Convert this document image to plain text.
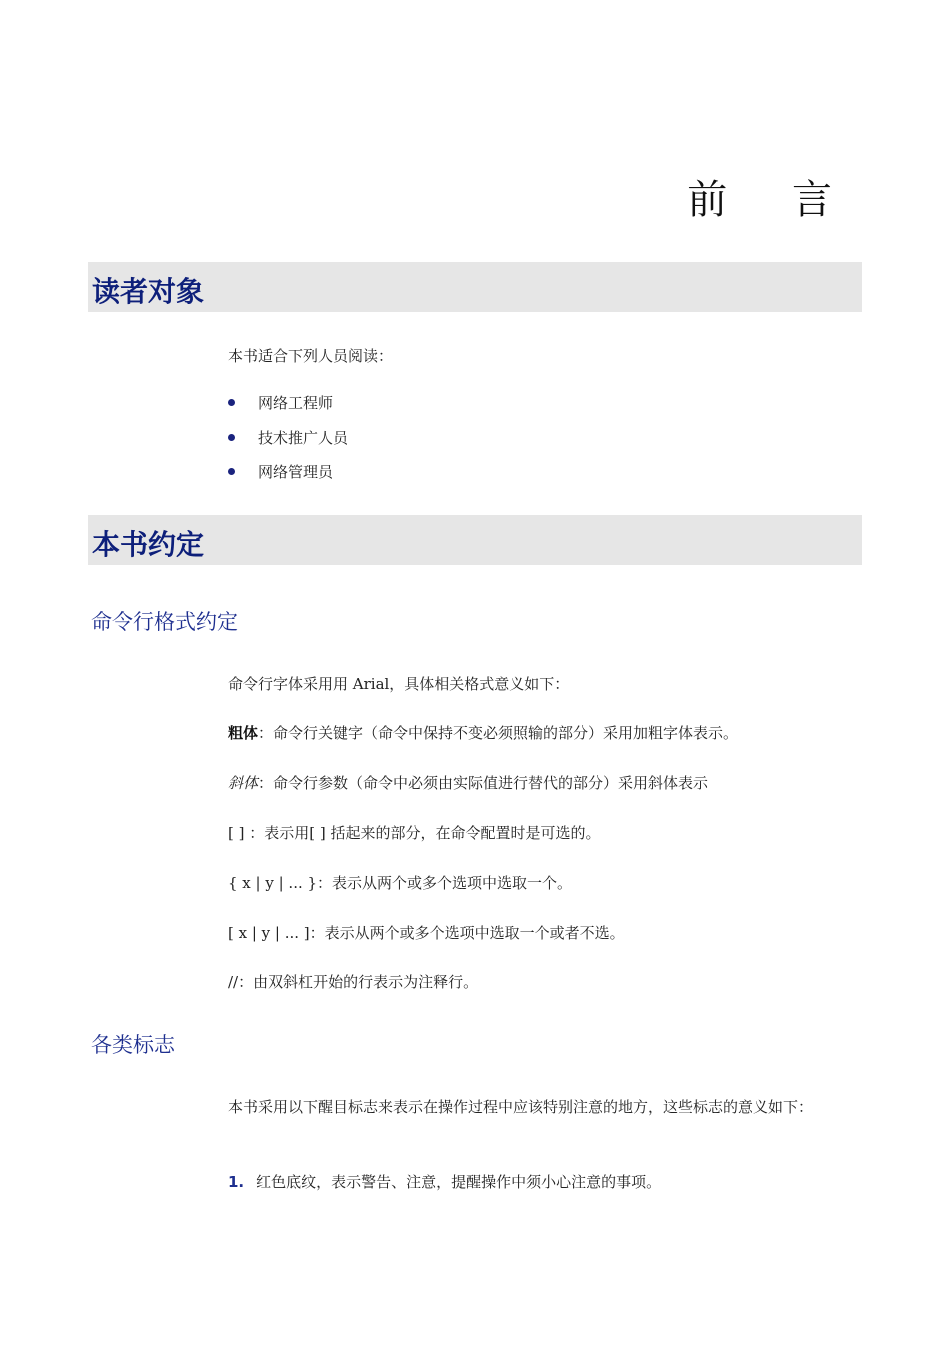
前 言
读者对象
本书适合下列人员阅读：
网络工程师
技术推广人员
网络管理员
本书约定
命令行格式约定
命令行字体采用用 Arial，具体相关格式意义如下：
粗体：命令行关键字（命令中保持不变必须照输的部分）采用加粗字体表示。
斜体：命令行参数（命令中必须由实际值进行替代的部分）采用斜体表示
[ ] ：表示用[ ] 括起来的部分，在命令配置时是可选的。
{ x | y | ... }：表示从两个或多个选项中选取一个。
[ x | y | ... ]：表示从两个或多个选项中选取一个或者不选。
//：由双斜杠开始的行表示为注释行。
各类标志
本书采用以下醒目标志来表示在操作过程中应该特别注意的地方，这些标志的意义如下：
1. 红色底纹，表示警告、注意，提醒操作中须小心注意的事项。
